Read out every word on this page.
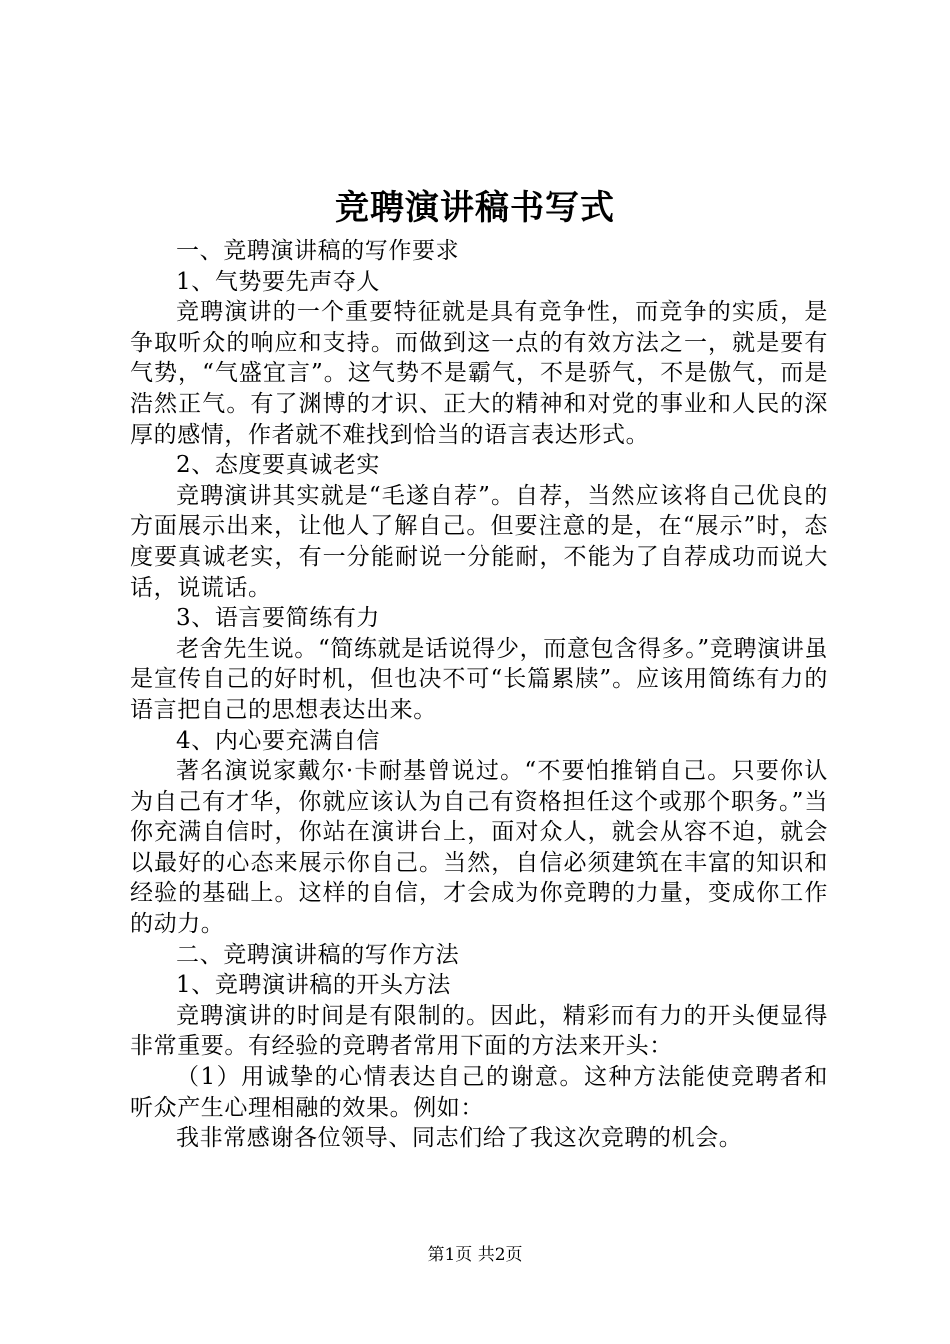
竞聘演讲稿书写式

一、竞聘演讲稿的写作要求

1、气势要先声夺人

竞聘演讲的一个重要特征就是具有竞争性，而竞争的实质，是争取听众的响应和支持。而做到这一点的有效方法之一，就是要有气势，“气盛宜言”。这气势不是霸气，不是骄气，不是傲气，而是浩然正气。有了渊博的才识、正大的精神和对党的事业和人民的深厚的感情，作者就不难找到恰当的语言表达形式。

2、态度要真诚老实

竞聘演讲其实就是“毛遂自荐”。自荐，当然应该将自己优良的方面展示出来，让他人了解自己。但要注意的是，在“展示”时，态度要真诚老实，有一分能耐说一分能耐，不能为了自荐成功而说大话，说谎话。

3、语言要简练有力

老舍先生说。“简练就是话说得少，而意包含得多。”竞聘演讲虽是宣传自己的好时机，但也决不可“长篇累牍”。应该用简练有力的语言把自己的思想表达出来。

4、内心要充满自信

著名演说家戴尔·卡耐基曾说过。“不要怕推销自己。只要你认为自己有才华，你就应该认为自己有资格担任这个或那个职务。”当你充满自信时，你站在演讲台上，面对众人，就会从容不迫，就会以最好的心态来展示你自己。当然，自信必须建筑在丰富的知识和经验的基础上。这样的自信，才会成为你竞聘的力量，变成你工作的动力。

二、竞聘演讲稿的写作方法

1、竞聘演讲稿的开头方法

竞聘演讲的时间是有限制的。因此，精彩而有力的开头便显得非常重要。有经验的竞聘者常用下面的方法来开头：

（1）用诚挚的心情表达自己的谢意。这种方法能使竞聘者和听众产生心理相融的效果。例如：

我非常感谢各位领导、同志们给了我这次竞聘的机会。

第1页 共2页
